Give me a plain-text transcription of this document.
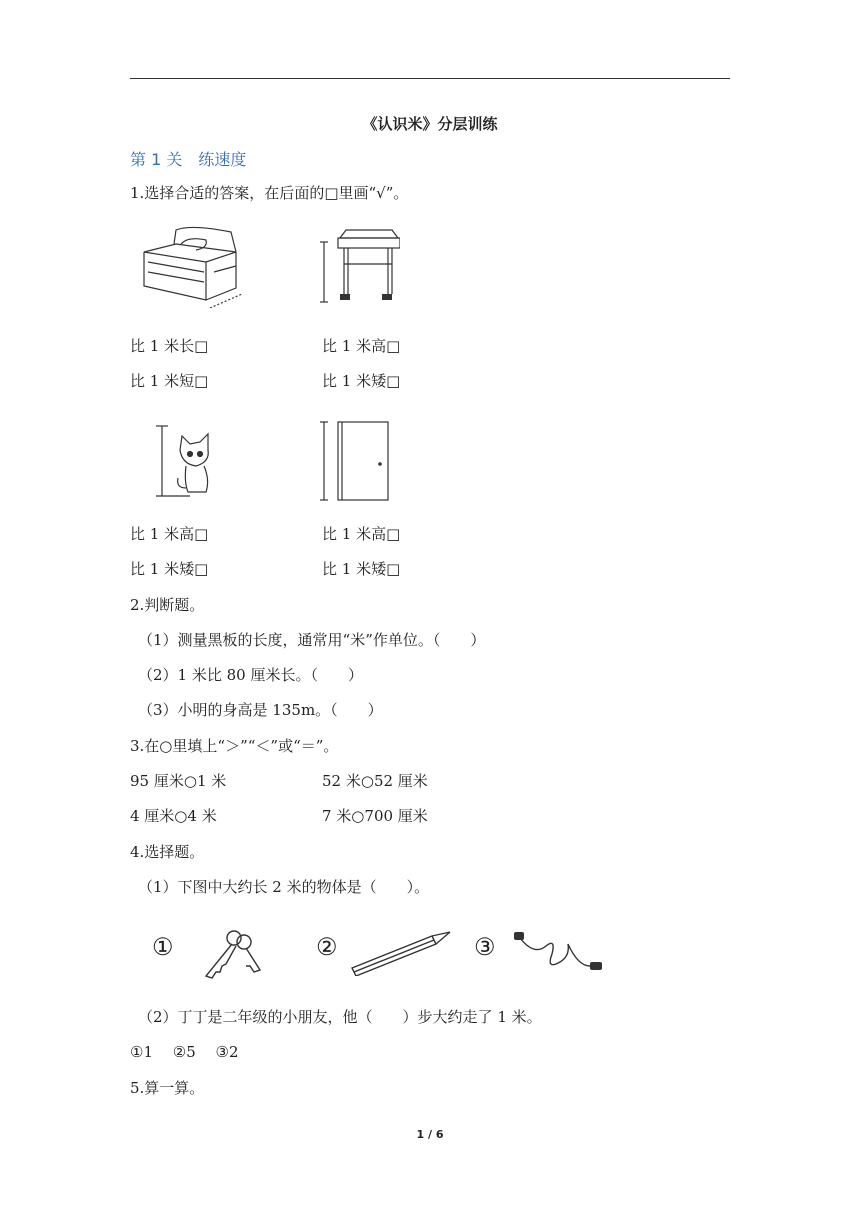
《认识米》分层训练
第 1 关　练速度
1.选择合适的答案，在后面的□里画“√”。
比 1 米长□	比 1 米高□
比 1 米短□	比 1 米矮□
比 1 米高□	比 1 米高□
比 1 米矮□	比 1 米矮□
2.判断题。
（1）测量黑板的长度，通常用“米”作单位。（　　）
（2）1 米比 80 厘米长。（　　）
（3）小明的身高是 135m。（　　）
3.在○里填上“＞”“＜”或“＝”。
95 厘米○1 米	52 米○52 厘米
4 厘米○4 米	7 米○700 厘米
4.选择题。
（1）下图中大约长 2 米的物体是（　　）。
①	②	③
（2）丁丁是二年级的小朋友，他（　　）步大约走了 1 米。
①1　 ②5　 ③2
5.算一算。
1 / 6
